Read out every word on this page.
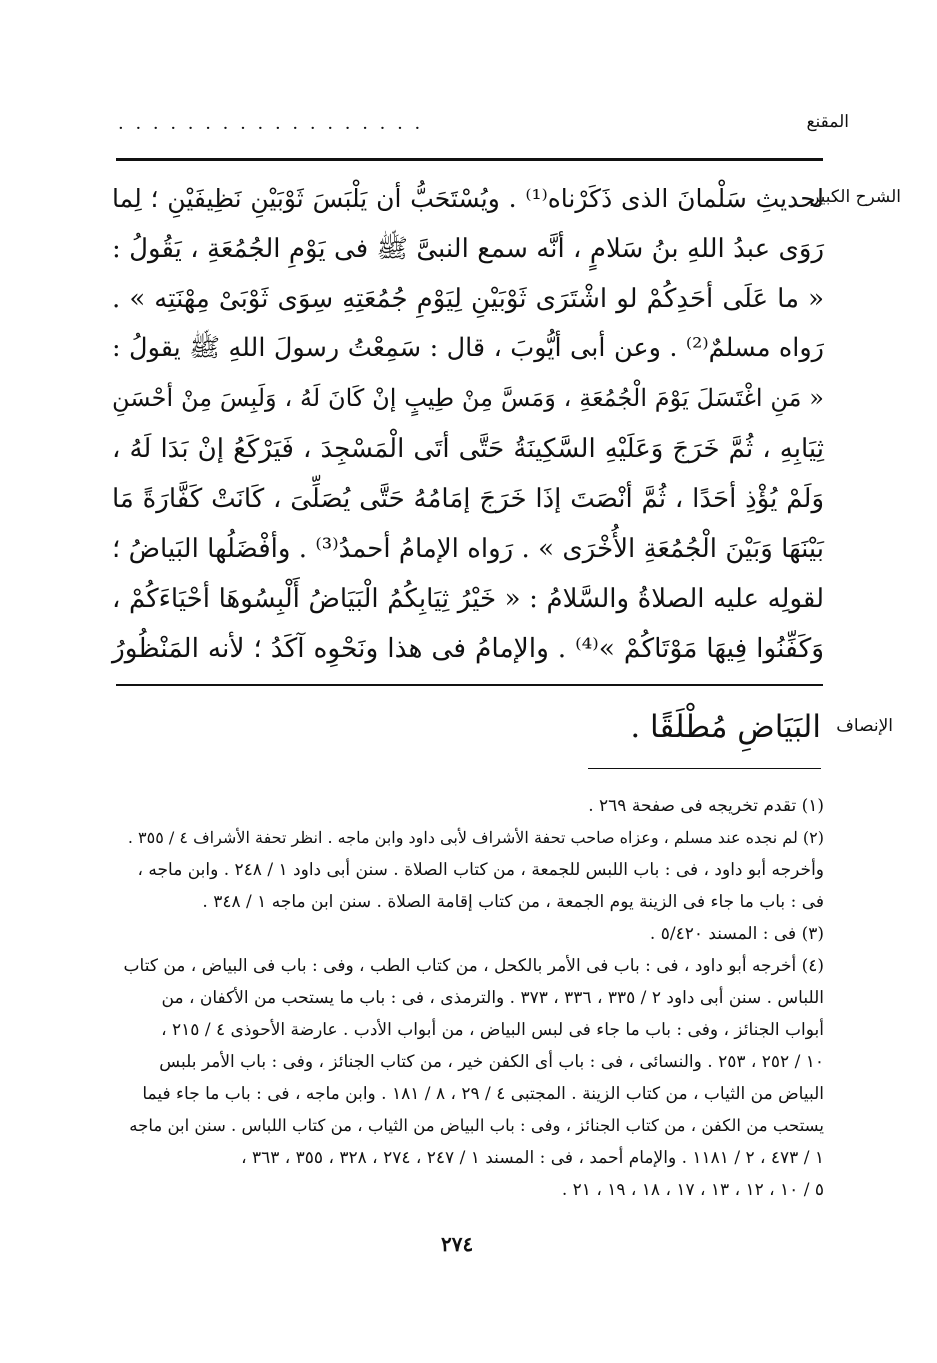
المقنع
· · · · · · · · · · · · · · · · · ·
الشرح الكبير
الإنصاف
لحديثِ سَلْمانَ الذى ذَكَرْناه⁽¹⁾ . ويُسْتَحَبُّ أن يَلْبَسَ ثَوْبَيْنِ نَظِيفَيْنِ ؛ لِما
رَوَى عبدُ اللهِ بنُ سَلامٍ ، أنَّه سمع النبىَّ ﷺ فى يَوْمِ الجُمُعَةِ ، يَقُولُ :
« ما عَلَى أحَدِكُمْ لو اشْتَرَى ثَوْبَيْنِ لِيَوْمِ جُمُعَتِهِ سِوَى ثَوْبَىْ مِهْنَتِه » .
رَواه مسلمٌ⁽²⁾ . وعن أبى أيُّوبَ ، قال : سَمِعْتُ رسولَ اللهِ ﷺ يقولُ :
« مَنِ اغْتَسَلَ يَوْمَ الْجُمُعَةِ ، وَمَسَّ مِنْ طِيبٍ إنْ كَانَ لَهُ ، وَلَبِسَ مِنْ أحْسَنِ
ثِيَابِهِ ، ثُمَّ خَرَجَ وَعَلَيْهِ السَّكِينَةُ حَتَّى أتَى الْمَسْجِدَ ، فَيَرْكَعُ إنْ بَدَا لَهُ ،
وَلَمْ يُؤْذِ أحَدًا ، ثُمَّ أنْصَتَ إذَا خَرَجَ إمَامُهُ حَتَّى يُصَلِّىَ ، كَانَتْ كَفَّارَةً مَا
بَيْنَهَا وَبَيْنَ الْجُمُعَةِ الأُخْرَى » . رَواه الإمامُ أحمدُ⁽³⁾ . وأفْضَلُها البَياضُ ؛
لقولِه عليه الصلاةُ والسَّلامُ : « خَيْرُ ثِيَابِكُمُ الْبَيَاضُ أَلْبِسُوهَا أحْيَاءَكُمْ ،
وَكَفِّنُوا فِيهَا مَوْتَاكُمْ »⁽⁴⁾ . والإمامُ فى هذا ونَحْوِه آكَدُ ؛ لأنه المَنْظُورُ
البَيَاضِ مُطْلَقًا .
(١) تقدم تخريجه فى صفحة ٢٦٩ .
(٢) لم نجده عند مسلم ، وعزاه صاحب تحفة الأشراف لأبى داود وابن ماجه . انظر تحفة الأشراف ٤ / ٣٥٥ .
وأخرجه أبو داود ، فى : باب اللبس للجمعة ، من كتاب الصلاة . سنن أبى داود ١ / ٢٤٨ . وابن ماجه ،
فى : باب ما جاء فى الزينة يوم الجمعة ، من كتاب إقامة الصلاة . سنن ابن ماجه ١ / ٣٤٨ .
(٣) فى : المسند ٥/٤٢٠ .
(٤) أخرجه أبو داود ، فى : باب فى الأمر بالكحل ، من كتاب الطب ، وفى : باب فى البياض ، من كتاب
اللباس . سنن أبى داود ٢ / ٣٣٥ ، ٣٣٦ ، ٣٧٣ . والترمذى ، فى : باب ما يستحب من الأكفان ، من
أبواب الجنائز ، وفى : باب ما جاء فى لبس البياض ، من أبواب الأدب . عارضة الأحوذى ٤ / ٢١٥ ،
١٠ / ٢٥٢ ، ٢٥٣ . والنسائى ، فى : باب أى الكفن خير ، من كتاب الجنائز ، وفى : باب الأمر بلبس
البياض من الثياب ، من كتاب الزينة . المجتبى ٤ / ٢٩ ، ٨ / ١٨١ . وابن ماجه ، فى : باب ما جاء فيما
يستحب من الكفن ، من كتاب الجنائز ، وفى : باب البياض من الثياب ، من كتاب اللباس . سنن ابن ماجه
١ / ٤٧٣ ، ٢ / ١١٨١ . والإمام أحمد ، فى : المسند ١ / ٢٤٧ ، ٢٧٤ ، ٣٢٨ ، ٣٥٥ ، ٣٦٣ ،
٥ / ١٠ ، ١٢ ، ١٣ ، ١٧ ، ١٨ ، ١٩ ، ٢١ .
٢٧٤
